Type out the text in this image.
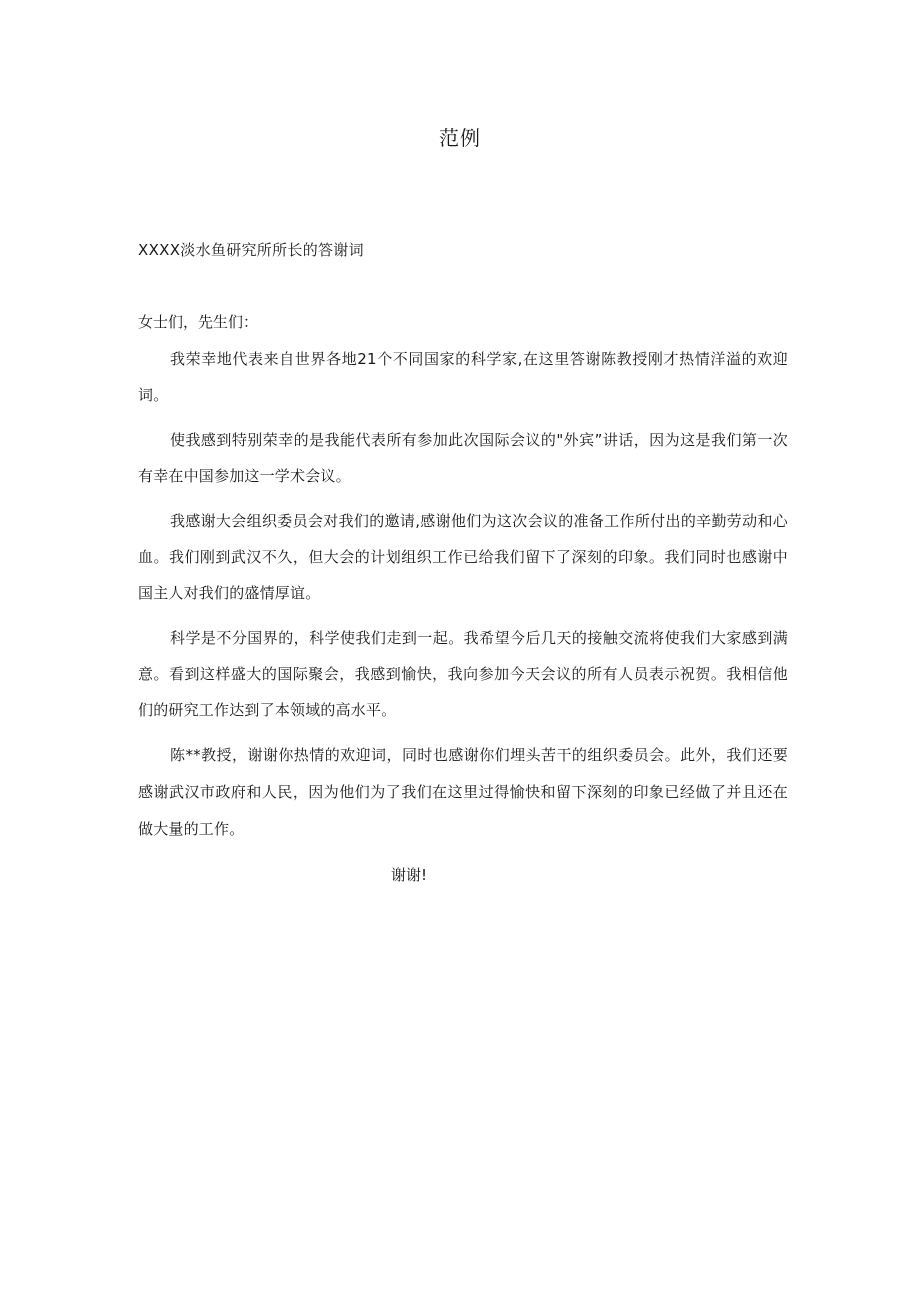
范例
XXXX淡水鱼研究所所长的答谢词
女士们，先生们：

我荣幸地代表来自世界各地21个不同国家的科学家,在这里答谢陈教授刚才热情洋溢的欢迎词。

使我感到特别荣幸的是我能代表所有参加此次国际会议的"外宾”讲话，因为这是我们第一次有幸在中国参加这一学术会议。

我感谢大会组织委员会对我们的邀请,感谢他们为这次会议的准备工作所付出的辛勤劳动和心血。我们刚到武汉不久，但大会的计划组织工作已给我们留下了深刻的印象。我们同时也感谢中国主人对我们的盛情厚谊。

科学是不分国界的，科学使我们走到一起。我希望今后几天的接触交流将使我们大家感到满意。看到这样盛大的国际聚会，我感到愉快，我向参加今天会议的所有人员表示祝贺。我相信他们的研究工作达到了本领域的高水平。

陈**教授，谢谢你热情的欢迎词，同时也感谢你们埋头苦干的组织委员会。此外，我们还要感谢武汉市政府和人民，因为他们为了我们在这里过得愉快和留下深刻的印象已经做了并且还在做大量的工作。

谢谢!
